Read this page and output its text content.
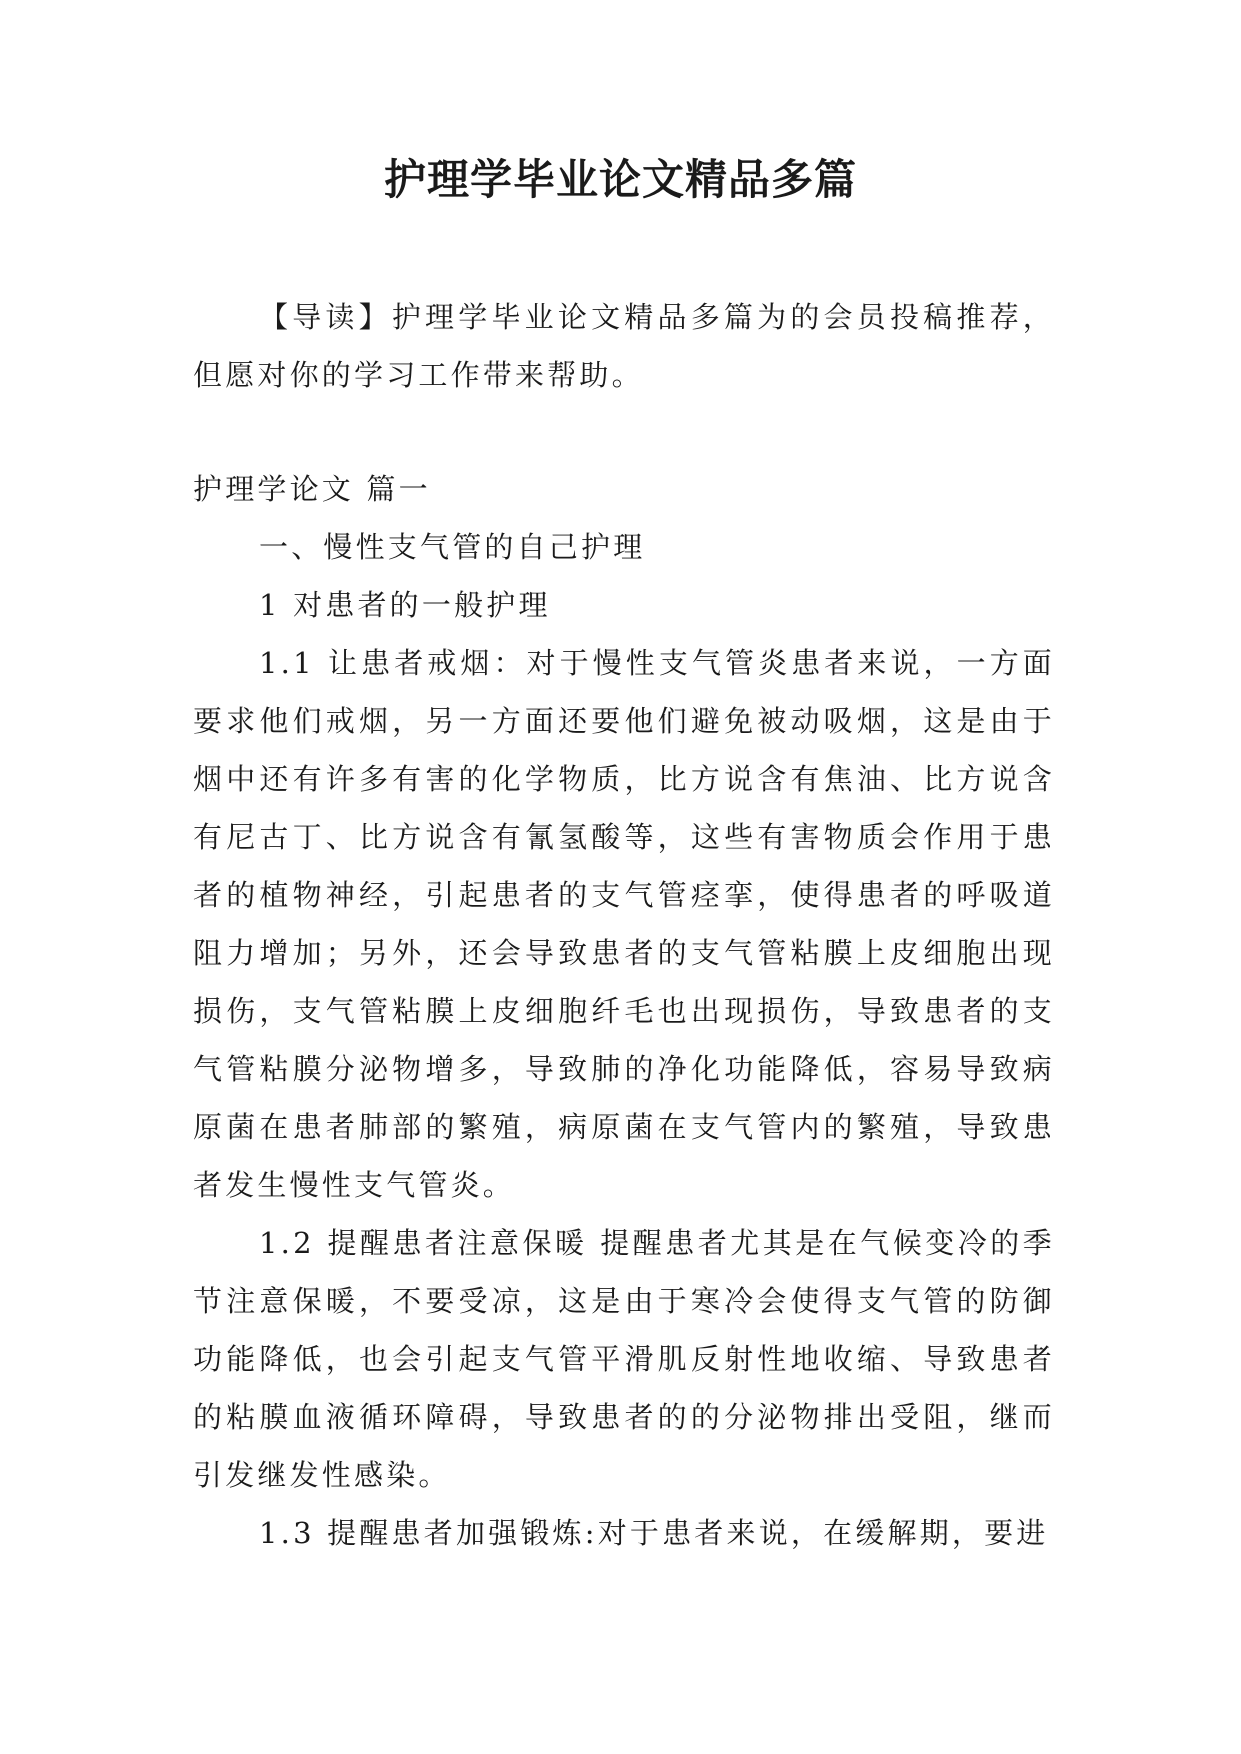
护理学毕业论文精品多篇

【导读】护理学毕业论文精品多篇为的会员投稿推荐，但愿对你的学习工作带来帮助。

护理学论文 篇一

一、慢性支气管的自己护理

1 对患者的一般护理

1.1 让患者戒烟：对于慢性支气管炎患者来说，一方面要求他们戒烟，另一方面还要他们避免被动吸烟，这是由于烟中还有许多有害的化学物质，比方说含有焦油、比方说含有尼古丁、比方说含有氰氢酸等，这些有害物质会作用于患者的植物神经，引起患者的支气管痉挛，使得患者的呼吸道阻力增加；另外，还会导致患者的支气管粘膜上皮细胞出现损伤，支气管粘膜上皮细胞纤毛也出现损伤，导致患者的支气管粘膜分泌物增多，导致肺的净化功能降低，容易导致病原菌在患者肺部的繁殖，病原菌在支气管内的繁殖，导致患者发生慢性支气管炎。

1.2 提醒患者注意保暖 提醒患者尤其是在气候变冷的季节注意保暖，不要受凉，这是由于寒冷会使得支气管的防御功能降低，也会引起支气管平滑肌反射性地收缩、导致患者的粘膜血液循环障碍，导致患者的的分泌物排出受阻，继而引发继发性感染。

1.3 提醒患者加强锻炼:对于患者来说，在缓解期，要进
